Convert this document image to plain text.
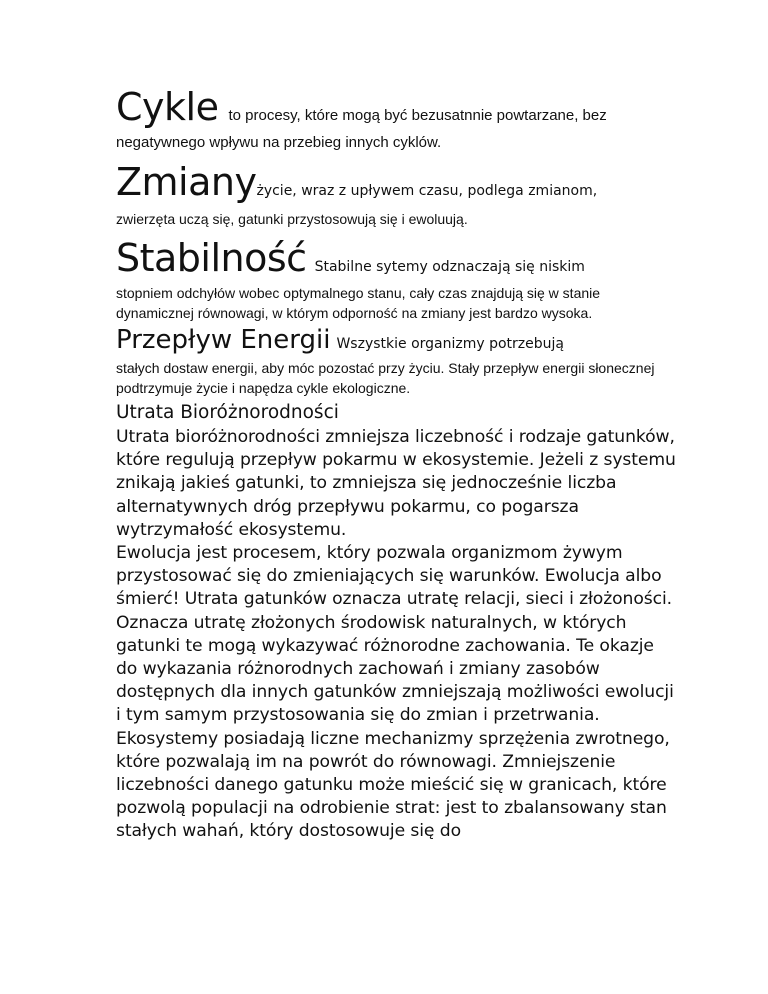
Cykle to procesy, które mogą być bezusatnnie powtarzane, bez

negatywnego wpływu na przebieg innych cyklów.

Zmianyżycie, wraz z upływem czasu, podlega zmianom,

zwierzęta uczą się, gatunki przystosowują się i ewoluują.

Stabilność Stabilne sytemy odznaczają się niskim

stopniem odchyłów wobec optymalnego stanu, cały czas znajdują się w stanie dynamicznej równowagi, w którym odporność na zmiany jest bardzo wysoka.

Przepływ Energii Wszystkie organizmy potrzebują

stałych dostaw energii, aby móc pozostać przy życiu. Stały przepływ energii słonecznej podtrzymuje życie i napędza cykle ekologiczne.

Utrata Bioróżnorodności

Utrata bioróżnorodności zmniejsza liczebność i rodzaje gatunków, które regulują przepływ pokarmu w ekosystemie. Jeżeli z systemu znikają jakieś gatunki, to zmniejsza się jednocześnie liczba alternatywnych dróg przepływu pokarmu, co pogarsza wytrzymałość ekosystemu.

Ewolucja jest procesem, który pozwala organizmom żywym przystosować się do zmieniających się warunków. Ewolucja albo śmierć! Utrata gatunków oznacza utratę relacji, sieci i złożoności. Oznacza utratę złożonych środowisk naturalnych, w których gatunki te mogą wykazywać różnorodne zachowania. Te okazje do wykazania różnorodnych zachowań i zmiany zasobów dostępnych dla innych gatunków zmniejszają możliwości ewolucji i tym samym przystosowania się do zmian i przetrwania.

Ekosystemy posiadają liczne mechanizmy sprzężenia zwrotnego, które pozwalają im na powrót do równowagi. Zmniejszenie liczebności danego gatunku może mieścić się w granicach, które pozwolą populacji na odrobienie strat: jest to zbalansowany stan stałych wahań, który dostosowuje się do
